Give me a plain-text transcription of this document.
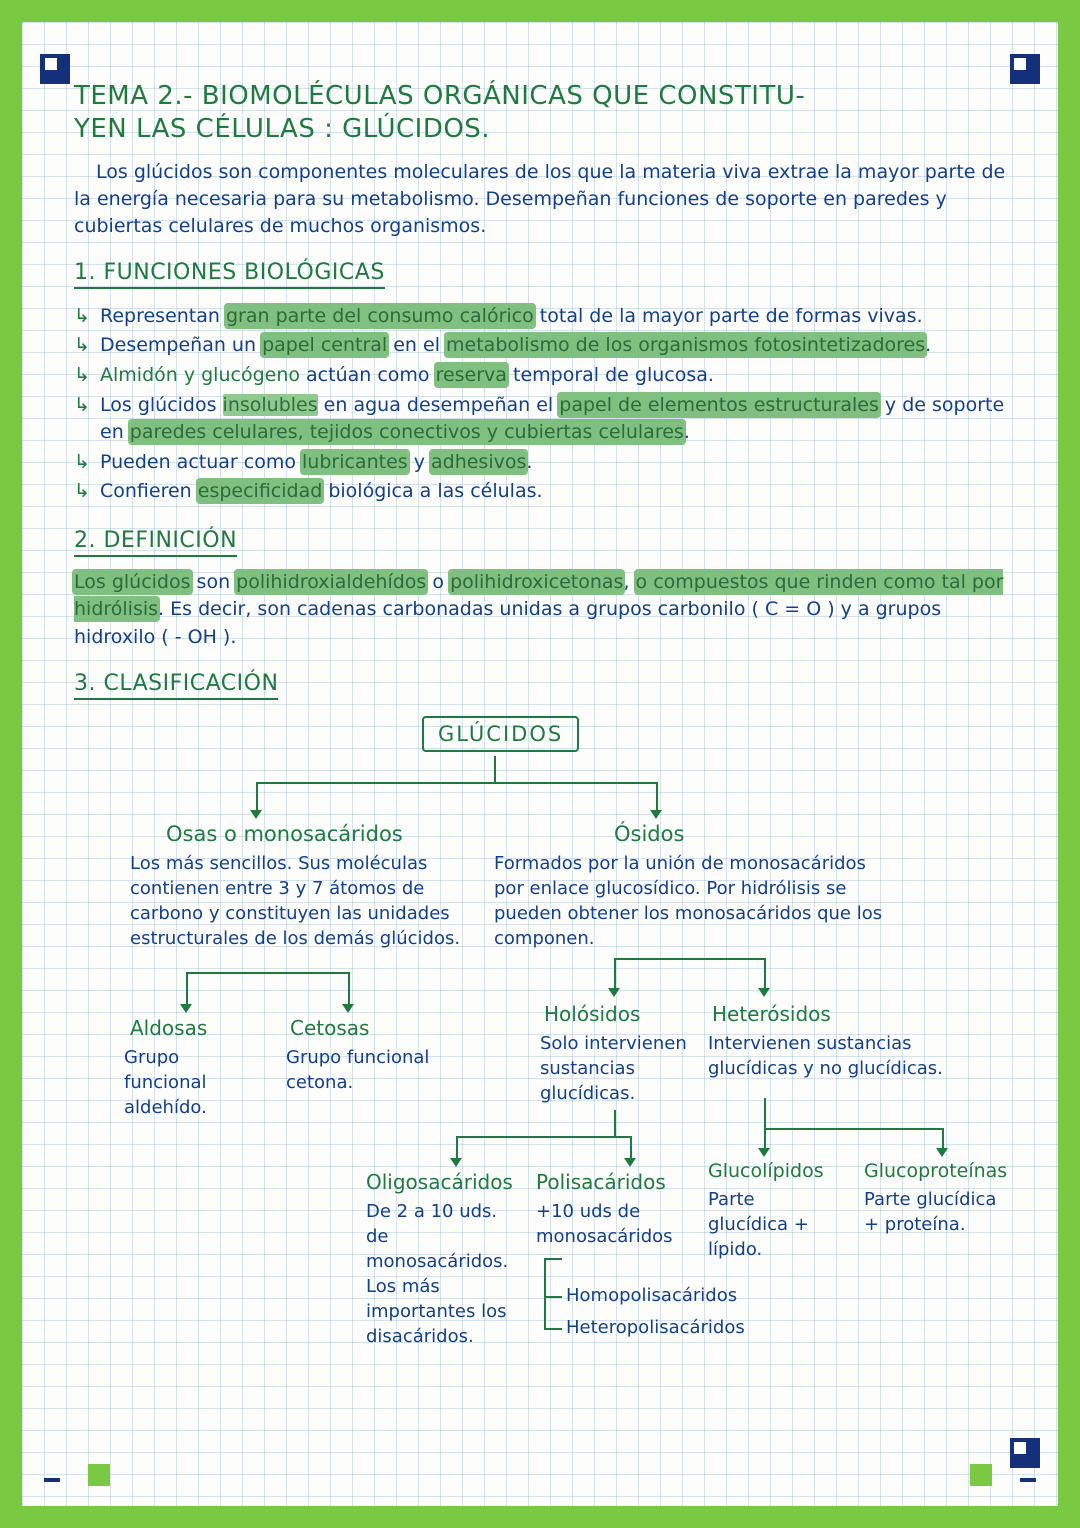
TEMA 2.- BIOMOLÉCULAS ORGÁNICAS QUE CONSTITU-
YEN LAS CÉLULAS : GLÚCIDOS.

Los glúcidos son componentes moleculares de los que la materia viva extrae la mayor parte de la energía necesaria para su metabolismo. Desempeñan funciones de soporte en paredes y cubiertas celulares de muchos organismos.

1. FUNCIONES BIOLÓGICAS
↳ Representan gran parte del consumo calórico total de la mayor parte de formas vivas.
↳ Desempeñan un papel central en el metabolismo de los organismos fotosintetizadores.
↳ Almidón y glucógeno actúan como reserva temporal de glucosa.
↳ Los glúcidos insolubles en agua desempeñan el papel de elementos estructurales y de soporte en paredes celulares, tejidos conectivos y cubiertas celulares.
↳ Pueden actuar como lubricantes y adhesivos.
↳ Confieren especificidad biológica a las células.
2. DEFINICIÓN
Los glúcidos son polihidroxialdehídos o polihidroxicetonas, o compuestos que rinden como tal por hidrólisis. Es decir, son cadenas carbonadas unidas a grupos carbonilo ( C = O ) y a grupos hidroxilo ( - OH ).
3. CLASIFICACIÓN
GLÚCIDOS
Osas o monosacáridos
Los más sencillos. Sus moléculas contienen entre 3 y 7 átomos de carbono y constituyen las unidades estructurales de los demás glúcidos.
Ósidos
Formados por la unión de monosacáridos por enlace glucosídico. Por hidrólisis se pueden obtener los monosacáridos que los componen.
Aldosas
Grupo funcional aldehído.
Cetosas
Grupo funcional cetona.
Holósidos
Solo intervienen sustancias glucídicas.
Heterósidos
Intervienen sustancias glucídicas y no glucídicas.
Oligosacáridos
De 2 a 10 uds. de monosacáridos. Los más importantes los disacáridos.
Polisacáridos
+10 uds de monosacáridos
Glucolípidos
Parte glucídica + lípido.
Glucoproteínas
Parte glucídica + proteína.
Homopolisacáridos
Heteropolisacáridos
